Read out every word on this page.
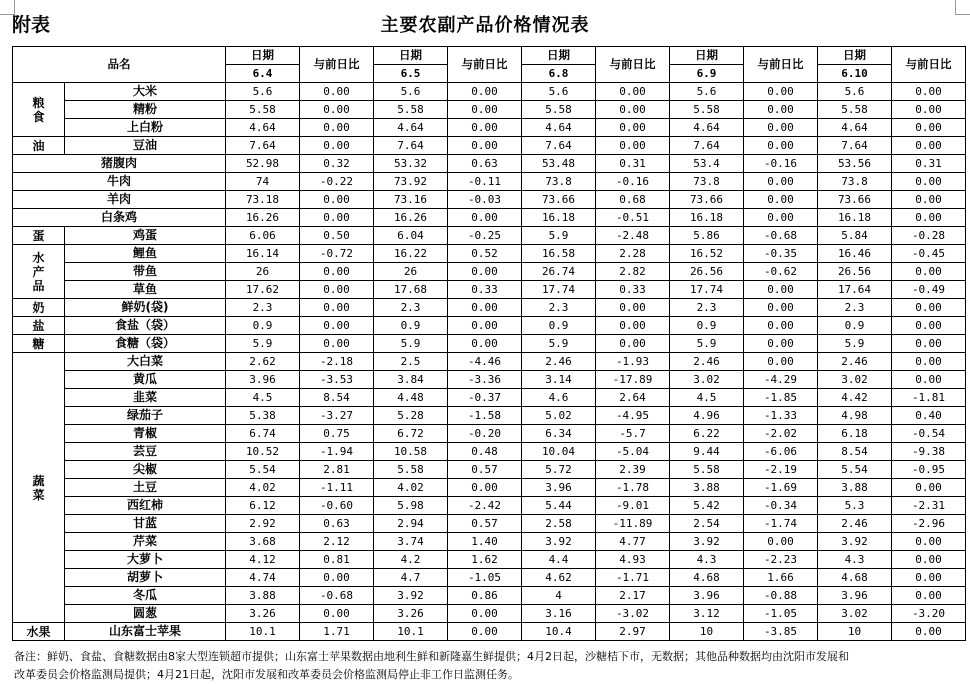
附表	主要农副产品价格情况表
品名		日期	与前日比	日期	与前日比	日期	与前日比	日期	与前日比	日期	与前日比
		6.4		6.5		6.8		6.9		6.10	
粮
食	大米	5.6	0.00	5.6	0.00	5.6	0.00	5.6	0.00	5.6	0.00
	精粉	5.58	0.00	5.58	0.00	5.58	0.00	5.58	0.00	5.58	0.00
	上白粉	4.64	0.00	4.64	0.00	4.64	0.00	4.64	0.00	4.64	0.00
油	豆油	7.64	0.00	7.64	0.00	7.64	0.00	7.64	0.00	7.64	0.00
猪腹肉		52.98	0.32	53.32	0.63	53.48	0.31	53.4	-0.16	53.56	0.31
牛肉		74	-0.22	73.92	-0.11	73.8	-0.16	73.8	0.00	73.8	0.00
羊肉		73.18	0.00	73.16	-0.03	73.66	0.68	73.66	0.00	73.66	0.00
白条鸡		16.26	0.00	16.26	0.00	16.18	-0.51	16.18	0.00	16.18	0.00
蛋	鸡蛋	6.06	0.50	6.04	-0.25	5.9	-2.48	5.86	-0.68	5.84	-0.28
水
产
品	鲤鱼	16.14	-0.72	16.22	0.52	16.58	2.28	16.52	-0.35	16.46	-0.45
	带鱼	26	0.00	26	0.00	26.74	2.82	26.56	-0.62	26.56	0.00
	草鱼	17.62	0.00	17.68	0.33	17.74	0.33	17.74	0.00	17.64	-0.49
奶	鲜奶(袋)	2.3	0.00	2.3	0.00	2.3	0.00	2.3	0.00	2.3	0.00
盐	食盐（袋）	0.9	0.00	0.9	0.00	0.9	0.00	0.9	0.00	0.9	0.00
糖	食糖（袋）	5.9	0.00	5.9	0.00	5.9	0.00	5.9	0.00	5.9	0.00
蔬
菜	大白菜	2.62	-2.18	2.5	-4.46	2.46	-1.93	2.46	0.00	2.46	0.00
	黄瓜	3.96	-3.53	3.84	-3.36	3.14	-17.89	3.02	-4.29	3.02	0.00
	韭菜	4.5	8.54	4.48	-0.37	4.6	2.64	4.5	-1.85	4.42	-1.81
	绿茄子	5.38	-3.27	5.28	-1.58	5.02	-4.95	4.96	-1.33	4.98	0.40
	青椒	6.74	0.75	6.72	-0.20	6.34	-5.7	6.22	-2.02	6.18	-0.54
	芸豆	10.52	-1.94	10.58	0.48	10.04	-5.04	9.44	-6.06	8.54	-9.38
	尖椒	5.54	2.81	5.58	0.57	5.72	2.39	5.58	-2.19	5.54	-0.95
	土豆	4.02	-1.11	4.02	0.00	3.96	-1.78	3.88	-1.69	3.88	0.00
	西红柿	6.12	-0.60	5.98	-2.42	5.44	-9.01	5.42	-0.34	5.3	-2.31
	甘蓝	2.92	0.63	2.94	0.57	2.58	-11.89	2.54	-1.74	2.46	-2.96
	芹菜	3.68	2.12	3.74	1.40	3.92	4.77	3.92	0.00	3.92	0.00
	大萝卜	4.12	0.81	4.2	1.62	4.4	4.93	4.3	-2.23	4.3	0.00
	胡萝卜	4.74	0.00	4.7	-1.05	4.62	-1.71	4.68	1.66	4.68	0.00
	冬瓜	3.88	-0.68	3.92	0.86	4	2.17	3.96	-0.88	3.96	0.00
	圆葱	3.26	0.00	3.26	0.00	3.16	-3.02	3.12	-1.05	3.02	-3.20
水果	山东富士苹果	10.1	1.71	10.1	0.00	10.4	2.97	10	-3.85	10	0.00
备注：鲜奶、食盐、食糖数据由8家大型连锁超市提供；山东富士苹果数据由地利生鲜和新隆嘉生鲜提供；4月2日起，沙糖桔下市，无数据；其他品种数据均由沈阳市发展和
改革委员会价格监测局提供；4月21日起，沈阳市发展和改革委员会价格监测局停止非工作日监测任务。
